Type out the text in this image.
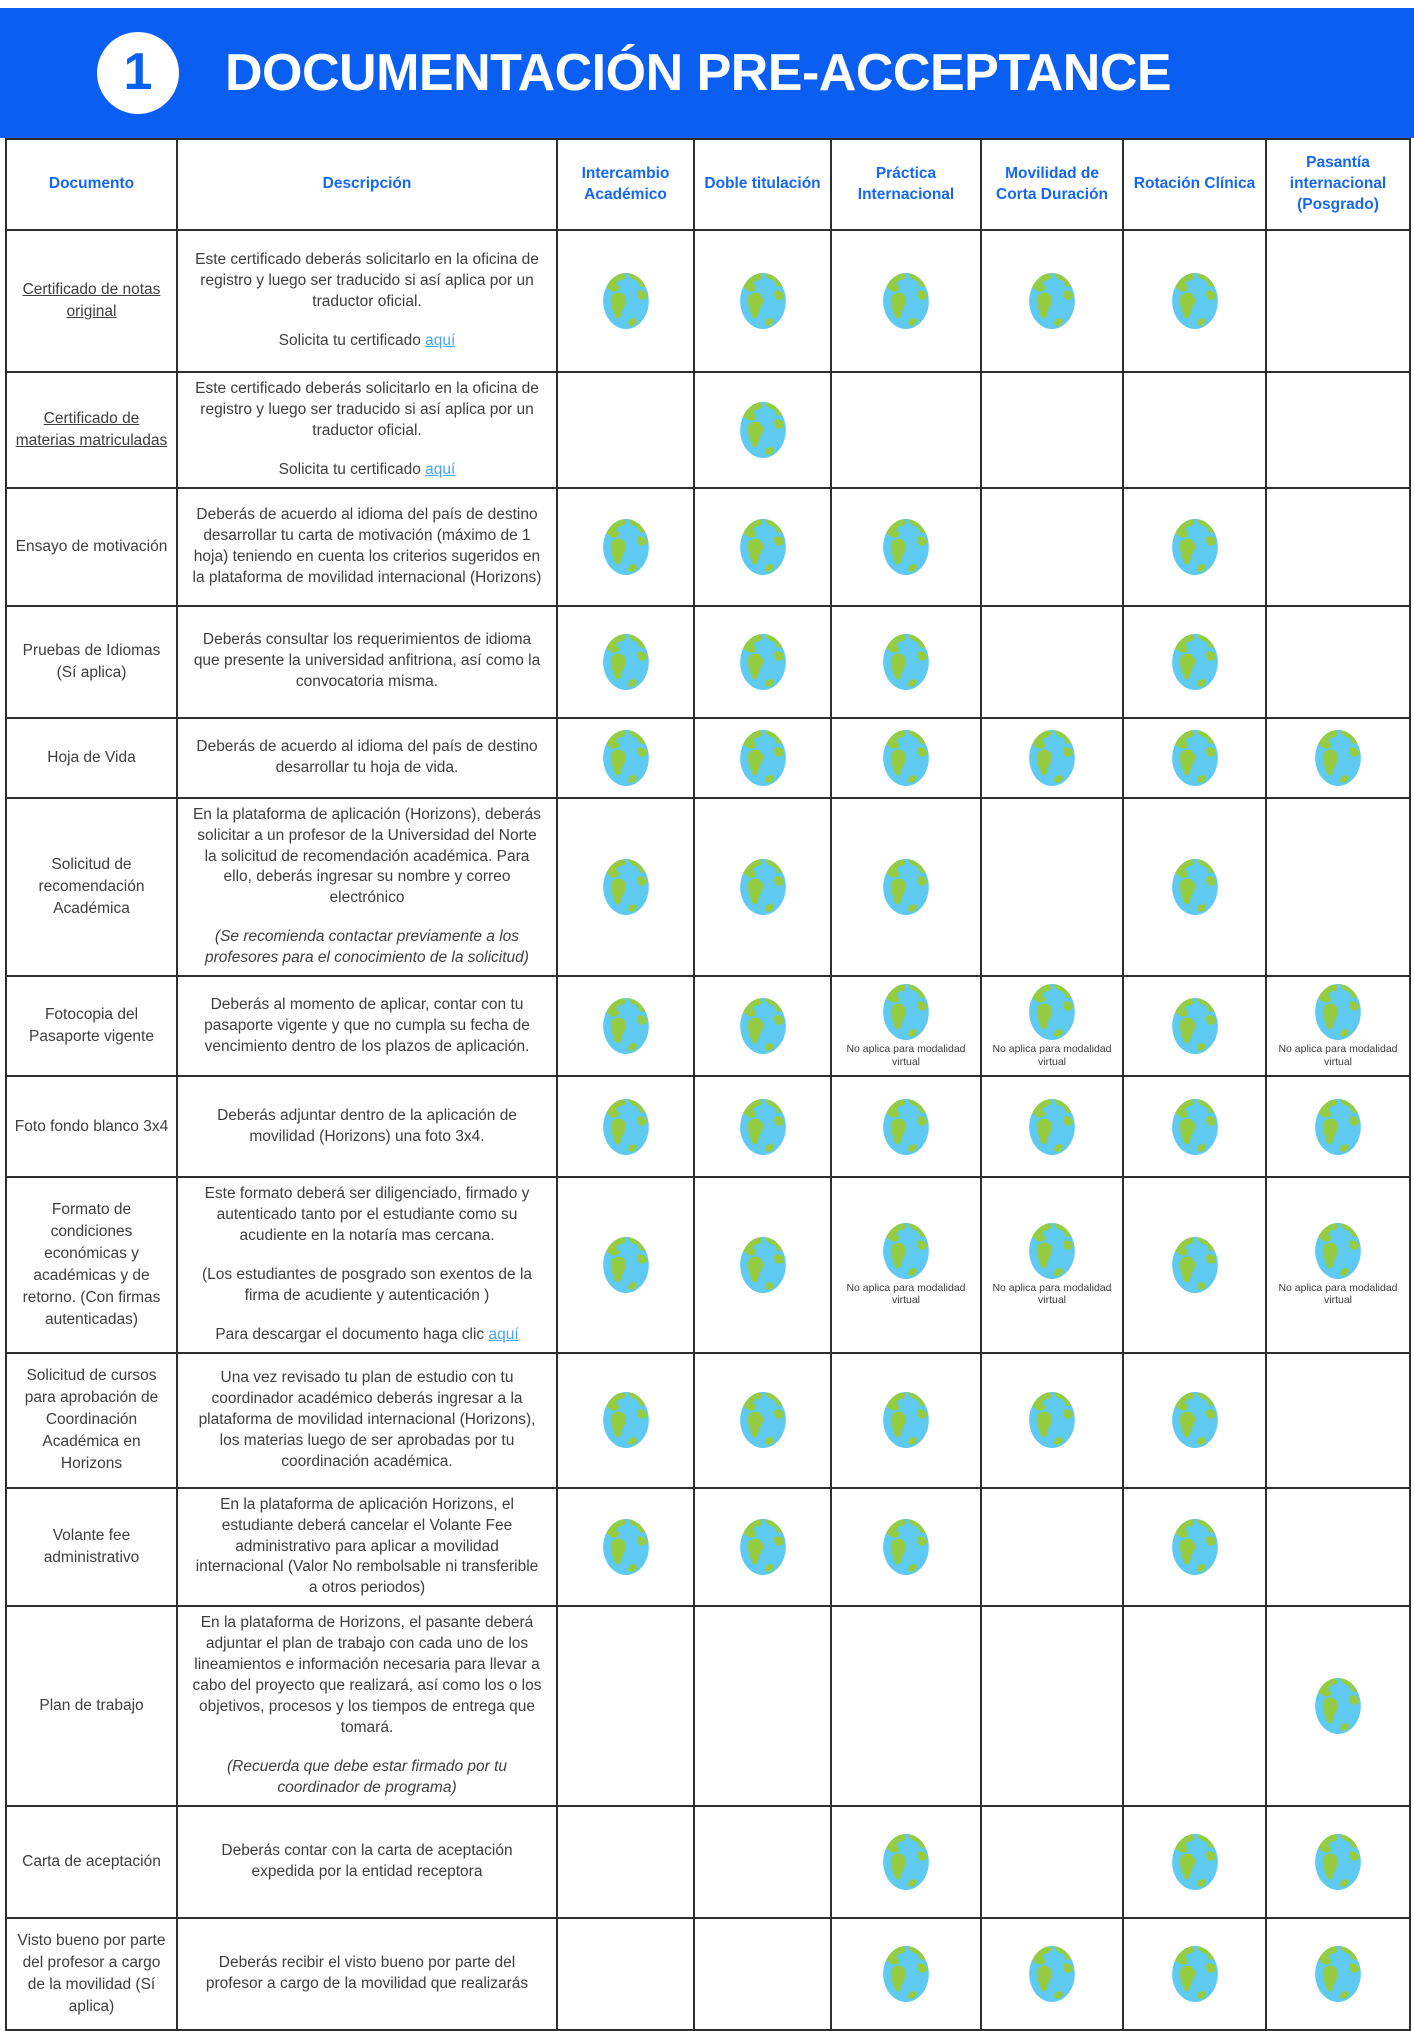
1 DOCUMENTACIÓN PRE-ACCEPTANCE
Documento	Descripción	Intercambio Académico	Doble titulación	Práctica Internacional	Movilidad de Corta Duración	Rotación Clínica	Pasantía internacional (Posgrado)
Certificado de notas original	Este certificado deberás solicitarlo en la oficina de registro y luego ser traducido si así aplica por un traductor oficial.

Solicita tu certificado aquí

Certificado de materias matriculadas	Este certificado deberás solicitarlo en la oficina de registro y luego ser traducido si así aplica por un traductor oficial.

Solicita tu certificado aquí

Ensayo de motivación	Deberás de acuerdo al idioma del país de destino desarrollar tu carta de motivación (máximo de 1 hoja) teniendo en cuenta los criterios sugeridos en la plataforma de movilidad internacional (Horizons)

Pruebas de Idiomas (Sí aplica)	Deberás consultar los requerimientos de idioma que presente la universidad anfitriona, así como la convocatoria misma.

Hoja de Vida	Deberás de acuerdo al idioma del país de destino desarrollar tu hoja de vida.

Solicitud de recomendación Académica	En la plataforma de aplicación (Horizons), deberás solicitar a un profesor de la Universidad del Norte la solicitud de recomendación académica. Para ello, deberás ingresar su nombre y correo electrónico

(Se recomienda contactar previamente a los profesores para el conocimiento de la solicitud)

Fotocopia del Pasaporte vigente	Deberás al momento de aplicar, contar con tu pasaporte vigente y que no cumpla su fecha de vencimiento dentro de los plazos de aplicación.			No aplica para modalidad virtual	No aplica para modalidad virtual		No aplica para modalidad virtual

Foto fondo blanco 3x4	Deberás adjuntar dentro de la aplicación de movilidad (Horizons) una foto 3x4.

Formato de condiciones económicas y académicas y de retorno. (Con firmas autenticadas)	Este formato deberá ser diligenciado, firmado y autenticado tanto por el estudiante como su acudiente en la notaría mas cercana.

(Los estudiantes de posgrado son exentos de la firma de acudiente y autenticación )

Para descargar el documento haga clic aquí			No aplica para modalidad virtual	No aplica para modalidad virtual		No aplica para modalidad virtual

Solicitud de cursos para aprobación de Coordinación Académica en Horizons	Una vez revisado tu plan de estudio con tu coordinador académico deberás ingresar a la plataforma de movilidad internacional (Horizons), los materias luego de ser aprobadas por tu coordinación académica.

Volante fee administrativo	En la plataforma de aplicación Horizons, el estudiante deberá cancelar el Volante Fee administrativo para aplicar a movilidad internacional (Valor No rembolsable ni transferible a otros periodos)

Plan de trabajo	En la plataforma de Horizons, el pasante deberá adjuntar el plan de trabajo con cada uno de los lineamientos e información necesaria para llevar a cabo del proyecto que realizará, así como los o los objetivos, procesos y los tiempos de entrega que tomará.

(Recuerda que debe estar firmado por tu coordinador de programa)

Carta de aceptación	Deberás contar con la carta de aceptación expedida por la entidad receptora

Visto bueno por parte del profesor a cargo de la movilidad (Sí aplica)	Deberás recibir el visto bueno por parte del profesor a cargo de la movilidad que realizarás
